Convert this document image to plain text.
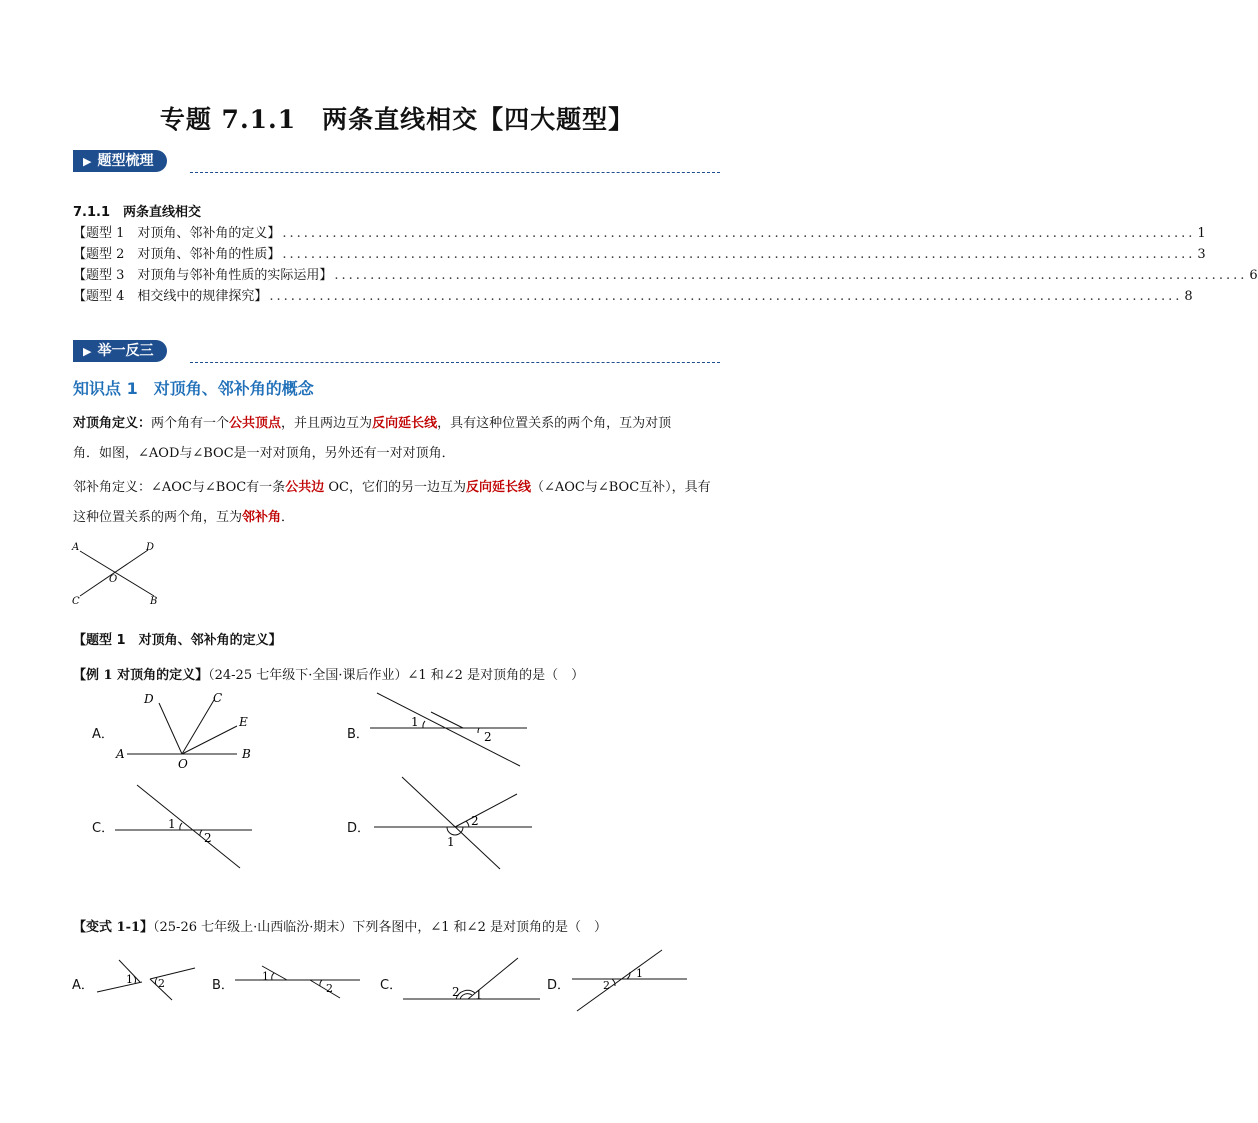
专题 7.1.1　两条直线相交【四大题型】
▶ 题型梳理
7.1.1　两条直线相交
【题型 1　对顶角、邻补角的定义】 ................................................................................................................................ 1
【题型 2　对顶角、邻补角的性质】 ................................................................................................................................ 3
【题型 3　对顶角与邻补角性质的实际运用】 ................................................................................................................................ 6
【题型 4　相交线中的规律探究】 ................................................................................................................................ 8
▶ 举一反三
知识点 1　对顶角、邻补角的概念
对顶角定义：两个角有一个公共顶点，并且两边互为反向延长线，具有这种位置关系的两个角，互为对顶
角．如图，∠AOD与∠BOC是一对对顶角，另外还有一对对顶角．
邻补角定义：∠AOC与∠BOC有一条公共边 OC，它们的另一边互为反向延长线（∠AOC与∠BOC互补），具有
这种位置关系的两个角，互为邻补角．
A	D
O
C	B
【题型 1　对顶角、邻补角的定义】
【例 1 对顶角的定义】（24-25 七年级下·全国·课后作业）∠1 和∠2 是对顶角的是（　）
A．
D	C
E
A
O
B
B．
1
2
C．	1
2
D．
1
2
【变式 1-1】（25-26 七年级上·山西临汾·期末）下列各图中，∠1 和∠2 是对顶角的是（　）
A．	1 2	B．
1
2	C．	2 1
D．
1
2
